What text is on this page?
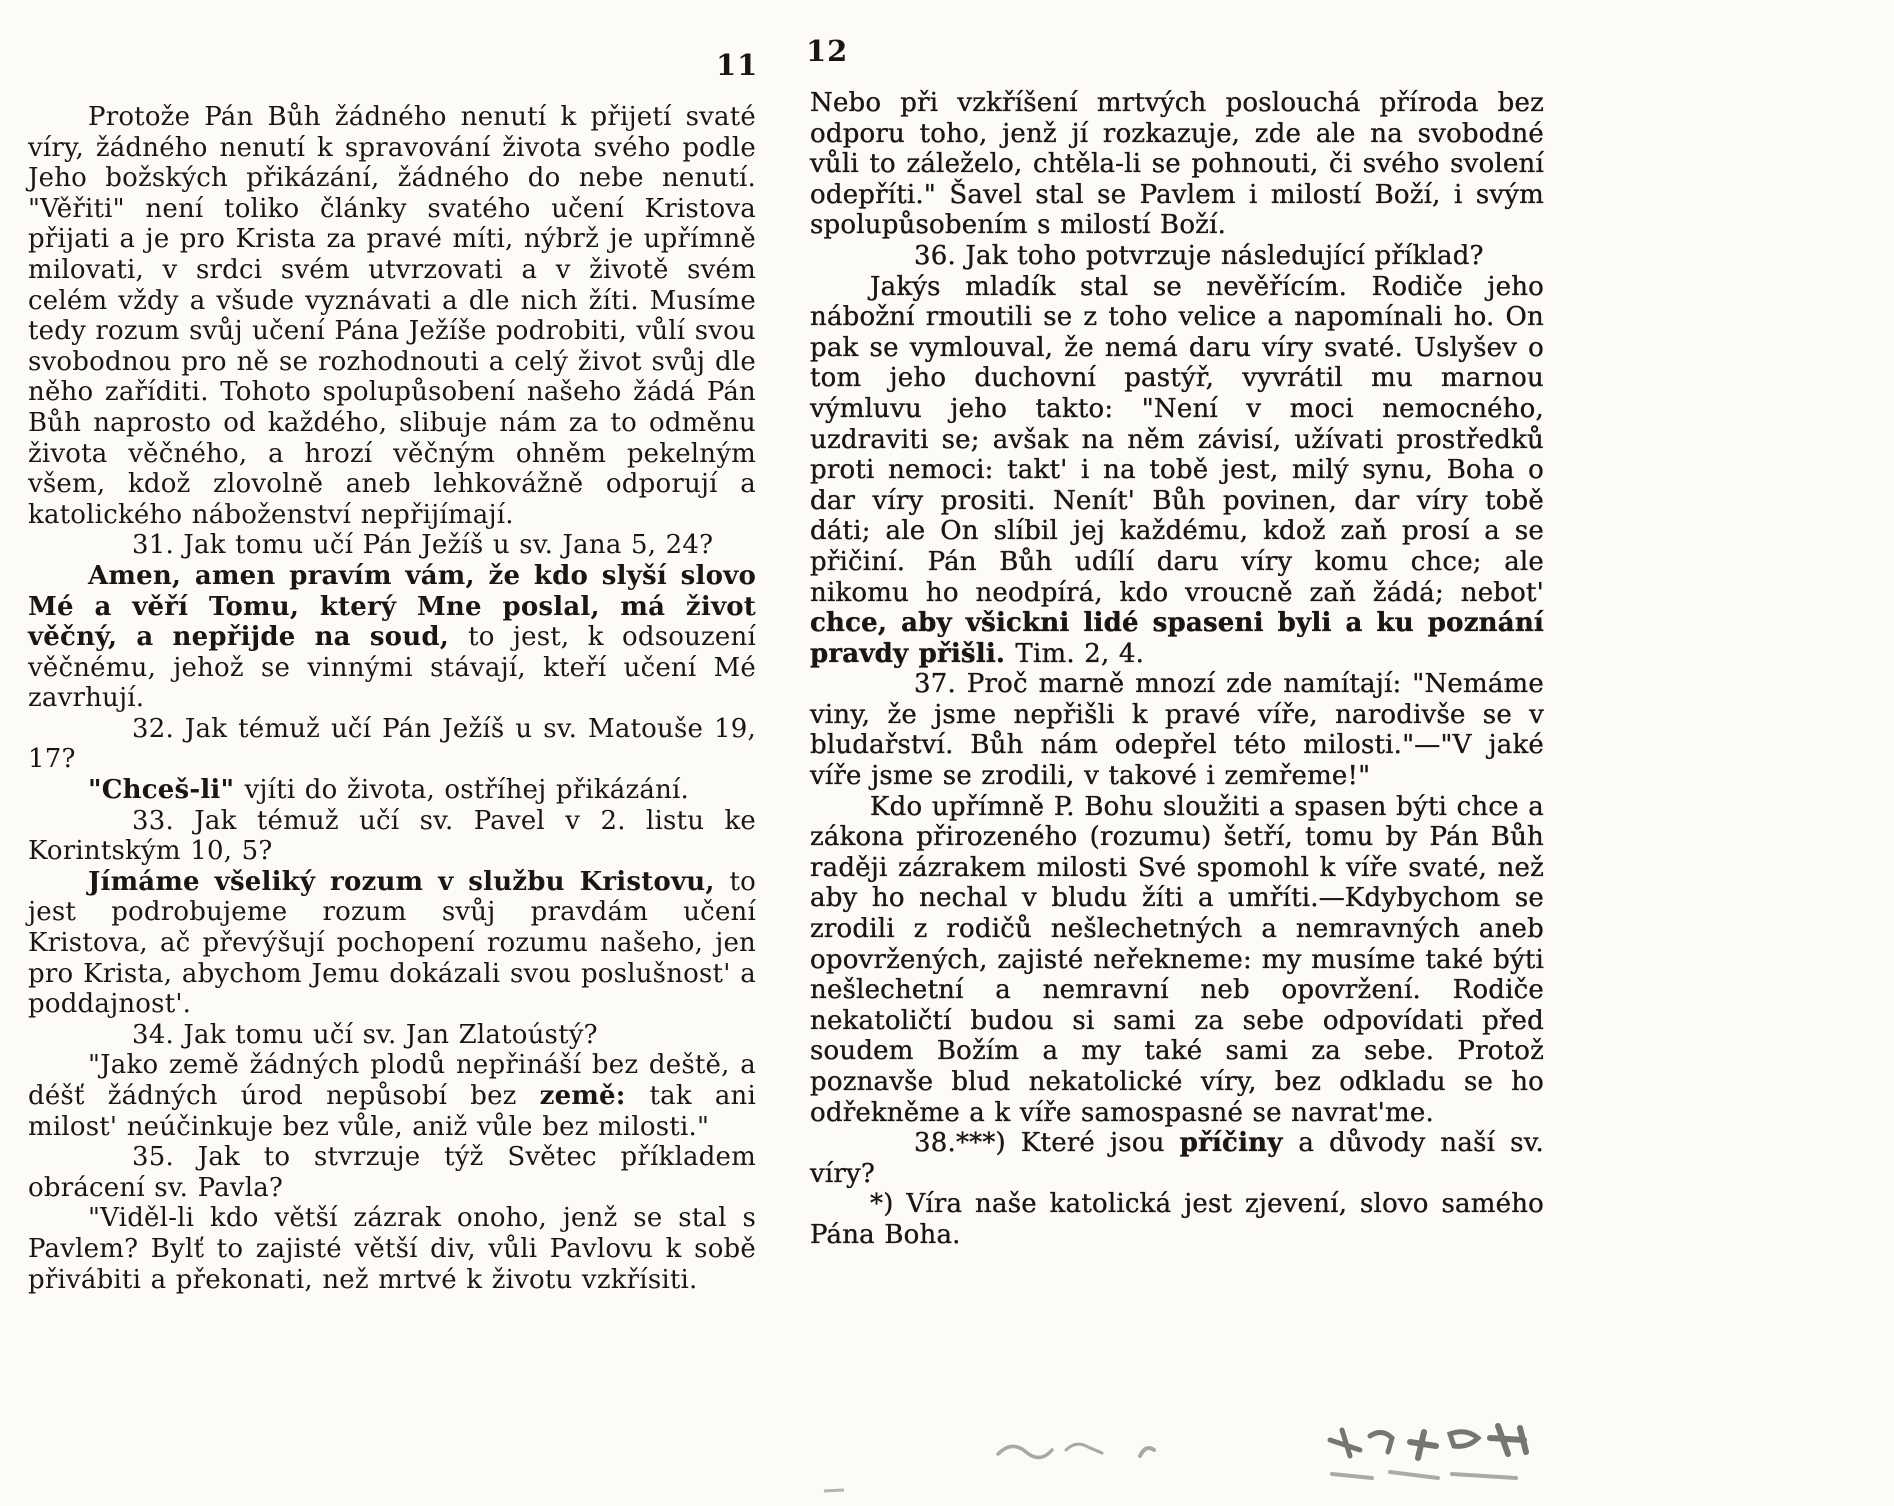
11 12

Protože Pán Bůh žádného nenutí k přijetí svaté víry, žádného nenutí k spravování života svého podle Jeho božských přikázání, žádného do nebe nenutí. "Věřiti" není toliko články svatého učení Kristova přijati a je pro Krista za pravé míti, nýbrž je upřímně milovati, v srdci svém utvrzovati a v životě svém celém vždy a všude vyznávati a dle nich žíti. Musíme tedy rozum svůj učení Pána Ježíše podrobiti, vůlí svou svobodnou pro ně se rozhodnouti a celý život svůj dle něho zaříditi. Tohoto spolupůsobení našeho žádá Pán Bůh naprosto od každého, slibuje nám za to odměnu života věčného, a hrozí věčným ohněm pekelným všem, kdož zlovolně aneb lehkovážně odporují a katolického náboženství nepřijímají.

31. Jak tomu učí Pán Ježíš u sv. Jana 5, 24?

Amen, amen pravím vám, že kdo slyší slovo Mé a věří Tomu, který Mne poslal, má život věčný, a nepřijde na soud, to jest, k odsouzení věčnému, jehož se vinnými stávají, kteří učení Mé zavrhují.

32. Jak témuž učí Pán Ježíš u sv. Matouše 19, 17?

"Chceš-li" vjíti do života, ostříhej přikázání.

33. Jak témuž učí sv. Pavel v 2. listu ke Korintským 10, 5?

Jímáme všeliký rozum v službu Kristovu, to jest podrobujeme rozum svůj pravdám učení Kristova, ač převýšují pochopení rozumu našeho, jen pro Krista, abychom Jemu dokázali svou poslušnost' a poddajnost'.

34. Jak tomu učí sv. Jan Zlatoústý?

"Jako země žádných plodů nepřináší bez deště, a déšť žádných úrod nepůsobí bez země: tak ani milost' neúčinkuje bez vůle, aniž vůle bez milosti."

35. Jak to stvrzuje týž Světec příkladem obrácení sv. Pavla?

"Viděl-li kdo větší zázrak onoho, jenž se stal s Pavlem? Bylť to zajisté větší div, vůli Pavlovu k sobě přivábiti a překonati, než mrtvé k životu vzkřísiti.

Nebo při vzkříšení mrtvých poslouchá příroda bez odporu toho, jenž jí rozkazuje, zde ale na svobodné vůli to záleželo, chtěla-li se pohnouti, či svého svolení odepříti." Šavel stal se Pavlem i milostí Boží, i svým spolupůsobením s milostí Boží.

36. Jak toho potvrzuje následující příklad?

Jakýs mladík stal se nevěřícím. Rodiče jeho nábožní rmoutili se z toho velice a napomínali ho. On pak se vymlouval, že nemá daru víry svaté. Uslyšev o tom jeho duchovní pastýř, vyvrátil mu marnou výmluvu jeho takto: "Není v moci nemocného, uzdraviti se; avšak na něm závisí, užívati prostředků proti nemoci: takt' i na tobě jest, milý synu, Boha o dar víry prositi. Nenít' Bůh povinen, dar víry tobě dáti; ale On slíbil jej každému, kdož zaň prosí a se přičiní. Pán Bůh udílí daru víry komu chce; ale nikomu ho neodpírá, kdo vroucně zaň žádá; nebot' chce, aby všickni lidé spaseni byli a ku poznání pravdy přišli. Tim. 2, 4.

37. Proč marně mnozí zde namítají: "Nemáme viny, že jsme nepřišli k pravé víře, narodivše se v bludařství. Bůh nám odepřel této milosti."—"V jaké víře jsme se zrodili, v takové i zemřeme!"

Kdo upřímně P. Bohu sloužiti a spasen býti chce a zákona přirozeného (rozumu) šetří, tomu by Pán Bůh raději zázrakem milosti Své spomohl k víře svaté, než aby ho nechal v bludu žíti a umříti.—Kdybychom se zrodili z rodičů nešlechetných a nemravných aneb opovržených, zajisté neřekneme: my musíme také býti nešlechetní a nemravní neb opovržení. Rodiče nekatoličtí budou si sami za sebe odpovídati před soudem Božím a my také sami za sebe. Protož poznavše blud nekatolické víry, bez odkladu se ho odřekněme a k víře samospasné se navrat'me.

38.***) Které jsou příčiny a důvody naší sv. víry?

*) Víra naše katolická jest zjevení, slovo samého Pána Boha.
